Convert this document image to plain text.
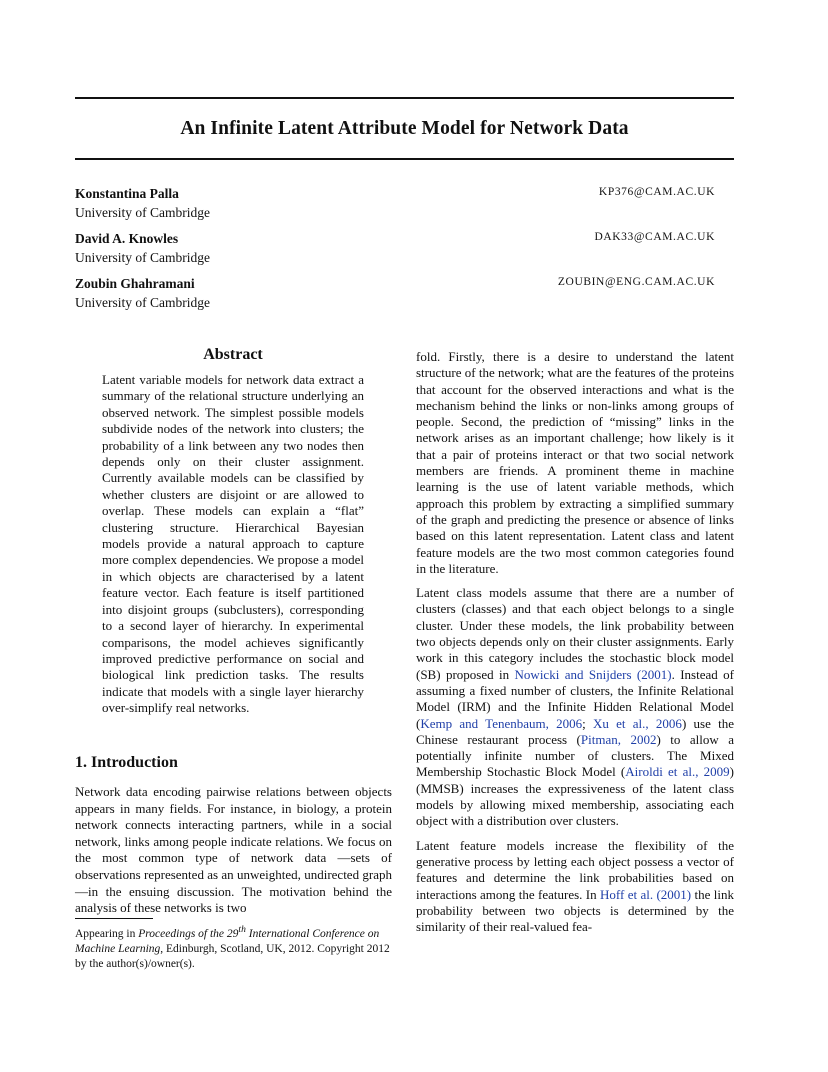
An Infinite Latent Attribute Model for Network Data
Konstantina Palla
University of Cambridge
KP376@CAM.AC.UK
David A. Knowles
University of Cambridge
DAK33@CAM.AC.UK
Zoubin Ghahramani
University of Cambridge
ZOUBIN@ENG.CAM.AC.UK
Abstract
Latent variable models for network data extract a summary of the relational structure underlying an observed network. The simplest possible models subdivide nodes of the network into clusters; the probability of a link between any two nodes then depends only on their cluster assignment. Currently available models can be classified by whether clusters are disjoint or are allowed to overlap. These models can explain a “flat” clustering structure. Hierarchical Bayesian models provide a natural approach to capture more complex dependencies. We propose a model in which objects are characterised by a latent feature vector. Each feature is itself partitioned into disjoint groups (subclusters), corresponding to a second layer of hierarchy. In experimental comparisons, the model achieves significantly improved predictive performance on social and biological link prediction tasks. The results indicate that models with a single layer hierarchy over-simplify real networks.
1. Introduction
Network data encoding pairwise relations between objects appears in many fields. For instance, in biology, a protein network connects interacting partners, while in a social network, links among people indicate relations. We focus on the most common type of network data —sets of observations represented as an unweighted, undirected graph—in the ensuing discussion. The motivation behind the analysis of these networks is two
Appearing in Proceedings of the 29th International Conference on Machine Learning, Edinburgh, Scotland, UK, 2012. Copyright 2012 by the author(s)/owner(s).

fold. Firstly, there is a desire to understand the latent structure of the network; what are the features of the proteins that account for the observed interactions and what is the mechanism behind the links or non-links among groups of people. Second, the prediction of “missing” links in the network arises as an important challenge; how likely is it that a pair of proteins interact or that two social network members are friends. A prominent theme in machine learning is the use of latent variable methods, which approach this problem by extracting a simplified summary of the graph and predicting the presence or absence of links based on this latent representation. Latent class and latent feature models are the two most common categories found in the literature.

Latent class models assume that there are a number of clusters (classes) and that each object belongs to a single cluster. Under these models, the link probability between two objects depends only on their cluster assignments. Early work in this category includes the stochastic block model (SB) proposed in Nowicki and Snijders (2001). Instead of assuming a fixed number of clusters, the Infinite Relational Model (IRM) and the Infinite Hidden Relational Model (Kemp and Tenenbaum, 2006; Xu et al., 2006) use the Chinese restaurant process (Pitman, 2002) to allow a potentially infinite number of clusters. The Mixed Membership Stochastic Block Model (Airoldi et al., 2009) (MMSB) increases the expressiveness of the latent class models by allowing mixed membership, associating each object with a distribution over clusters.

Latent feature models increase the flexibility of the generative process by letting each object possess a vector of features and determine the link probabilities based on interactions among the features. In Hoff et al. (2001) the link probability between two objects is determined by the similarity of their real-valued fea-
